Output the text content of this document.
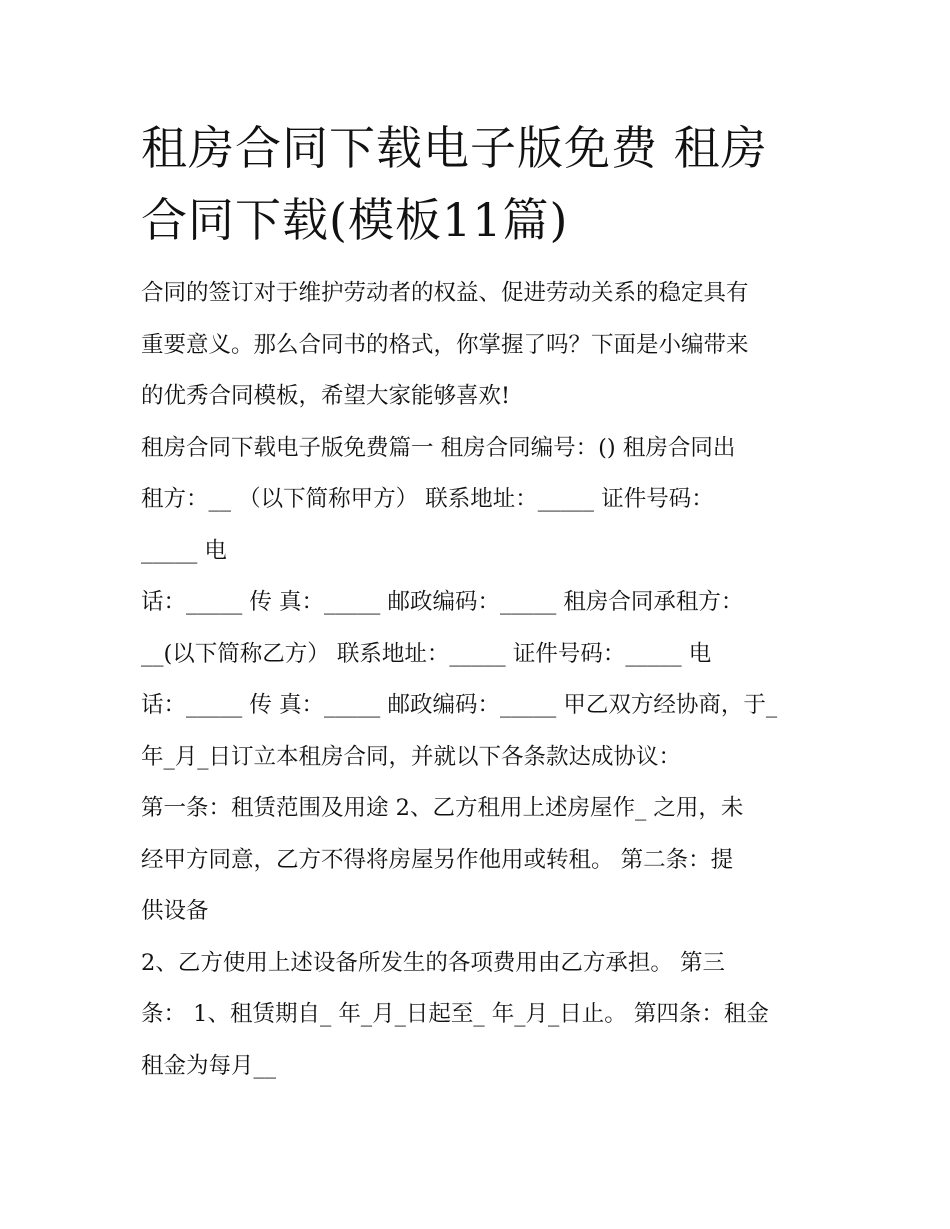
租房合同下载电子版免费 租房
合同下载(模板11篇)

合同的签订对于维护劳动者的权益、促进劳动关系的稳定具有

重要意义。那么合同书的格式，你掌握了吗？下面是小编带来

的优秀合同模板，希望大家能够喜欢!

租房合同下载电子版免费篇一 租房合同编号：() 租房合同出

租方：__ （以下简称甲方） 联系地址：_____ 证件号码：

_____ 电

话：_____ 传 真：_____ 邮政编码：_____ 租房合同承租方：

__(以下简称乙方） 联系地址：_____ 证件号码：_____ 电

话：_____ 传 真：_____ 邮政编码：_____ 甲乙双方经协商，于_

年_月_日订立本租房合同，并就以下各条款达成协议：

第一条：租赁范围及用途 2、乙方租用上述房屋作_ 之用，未

经甲方同意，乙方不得将房屋另作他用或转租。 第二条：提

供设备

2、乙方使用上述设备所发生的各项费用由乙方承担。 第三

条： 1、租赁期自_ 年_月_日起至_ 年_月_日止。 第四条：租金

租金为每月__
